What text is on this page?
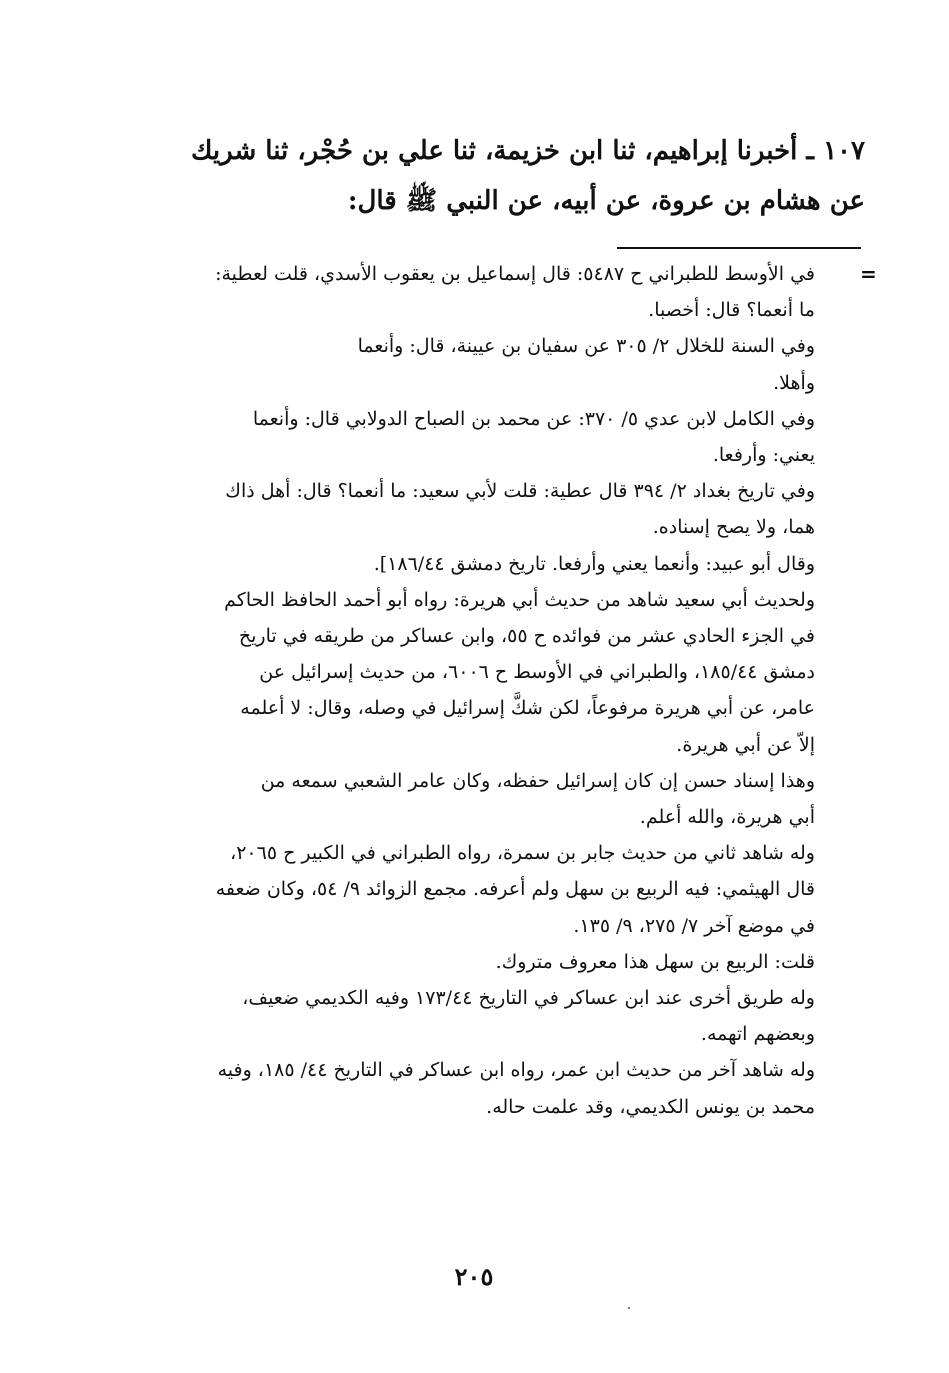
١٠٧ ـ أخبرنا إبراهيم، ثنا ابن خزيمة، ثنا علي بن حُجْر، ثنا شريك
عن هشام بن عروة، عن أبيه، عن النبي ﷺ قال:
=
في الأوسط للطبراني ح ٥٤٨٧: قال إسماعيل بن يعقوب الأسدي، قلت لعطية:
ما أنعما؟ قال: أخصبا.
وفي السنة للخلال ٢/ ٣٠٥ عن سفيان بن عيينة، قال: وأنعما
وأهلا.
وفي الكامل لابن عدي ٥/ ٣٧٠: عن محمد بن الصباح الدولابي قال: وأنعما
يعني: وأرفعا.
وفي تاريخ بغداد ٢/ ٣٩٤ قال عطية: قلت لأبي سعيد: ما أنعما؟ قال: أهل ذاك
هما، ولا يصح إسناده.
وقال أبو عبيد: وأنعما يعني وأرفعا. تاريخ دمشق ١٨٦/٤٤].
ولحديث أبي سعيد شاهد من حديث أبي هريرة: رواه أبو أحمد الحافظ الحاكم
في الجزء الحادي عشر من فوائده ح ٥٥، وابن عساكر من طريقه في تاريخ
دمشق ١٨٥/٤٤، والطبراني في الأوسط ح ٦٠٠٦، من حديث إسرائيل عن
عامر، عن أبي هريرة مرفوعاً، لكن شكَّ إسرائيل في وصله، وقال: لا أعلمه
إلاّ عن أبي هريرة.
وهذا إسناد حسن إن كان إسرائيل حفظه، وكان عامر الشعبي سمعه من
أبي هريرة، والله أعلم.
وله شاهد ثاني من حديث جابر بن سمرة، رواه الطبراني في الكبير ح ٢٠٦٥،
قال الهيثمي: فيه الربيع بن سهل ولم أعرفه. مجمع الزوائد ٩/ ٥٤، وكان ضعفه
في موضع آخر ٧/ ٢٧٥، ٩/ ١٣٥.
قلت: الربيع بن سهل هذا معروف متروك.
وله طريق أخرى عند ابن عساكر في التاريخ ١٧٣/٤٤ وفيه الكديمي ضعيف،
وبعضهم اتهمه.
وله شاهد آخر من حديث ابن عمر، رواه ابن عساكر في التاريخ ٤٤/ ١٨٥، وفيه
محمد بن يونس الكديمي، وقد علمت حاله.
٢٠٥
